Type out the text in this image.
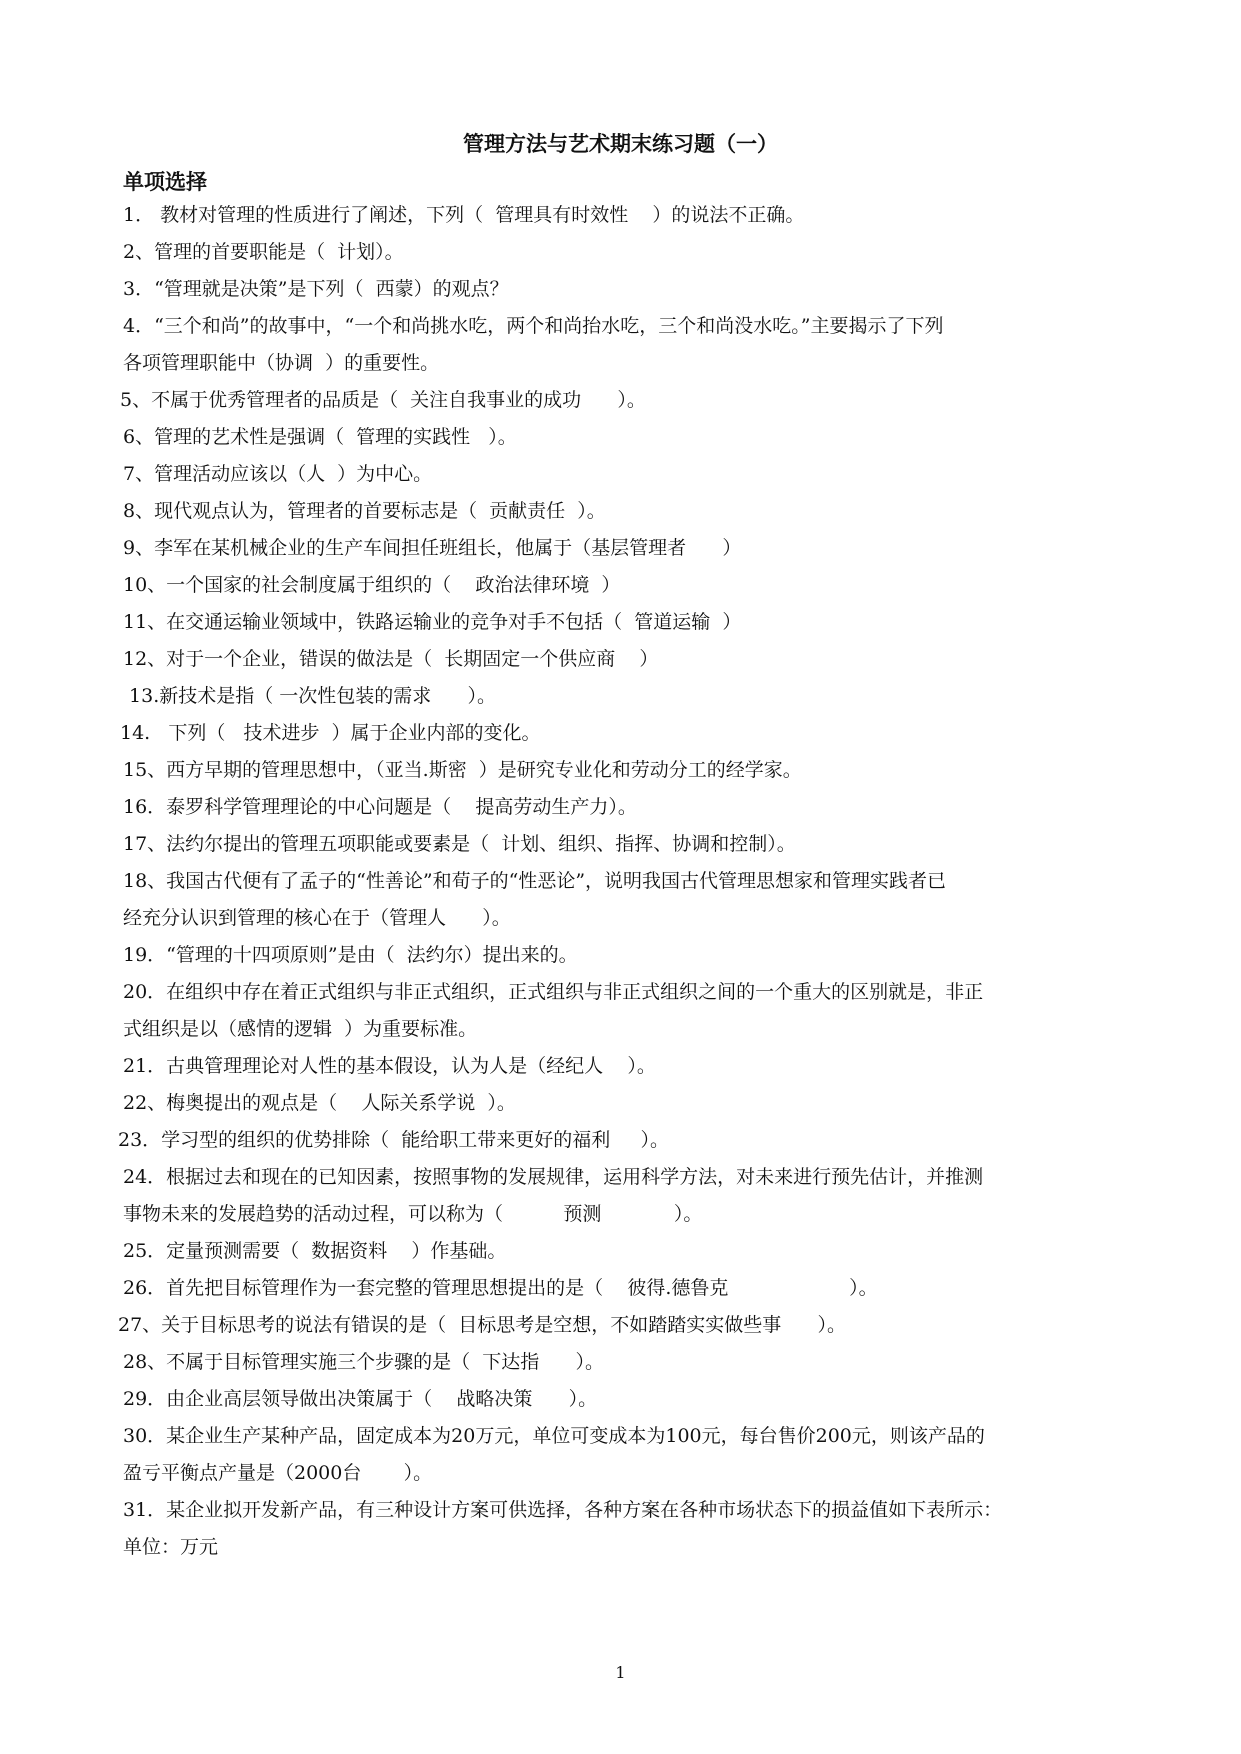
管理方法与艺术期末练习题（一）
单项选择
1． 教材对管理的性质进行了阐述，下列（  管理具有时效性    ）的说法不正确。
2、管理的首要职能是（  计划）。
3．“管理就是决策”是下列（  西蒙）的观点？
4．“三个和尚”的故事中，“一个和尚挑水吃，两个和尚抬水吃，三个和尚没水吃。”主要揭示了下列
各项管理职能中（协调  ）的重要性。
5、不属于优秀管理者的品质是（  关注自我事业的成功      ）。
6、管理的艺术性是强调（  管理的实践性   ）。
7、管理活动应该以（人  ）为中心。
8、现代观点认为，管理者的首要标志是（  贡献责任  ）。
9、李军在某机械企业的生产车间担任班组长，他属于（基层管理者      ）
10、一个国家的社会制度属于组织的（    政治法律环境  ）
11、在交通运输业领域中，铁路运输业的竞争对手不包括（  管道运输  ）
12、对于一个企业，错误的做法是（  长期固定一个供应商    ）
13.新技术是指（ 一次性包装的需求      ）。
14.   下列（   技术进步  ）属于企业内部的变化。
15、西方早期的管理思想中，（亚当.斯密  ）是研究专业化和劳动分工的经学家。
16．泰罗科学管理理论的中心问题是（    提高劳动生产力）。
17、法约尔提出的管理五项职能或要素是（  计划、组织、指挥、协调和控制）。
18、我国古代便有了孟子的“性善论”和荀子的“性恶论”，说明我国古代管理思想家和管理实践者已
经充分认识到管理的核心在于（管理人      ）。
19．“管理的十四项原则”是由（  法约尔）提出来的。
20．在组织中存在着正式组织与非正式组织，正式组织与非正式组织之间的一个重大的区别就是，非正
式组织是以（感情的逻辑  ）为重要标准。
21．古典管理理论对人性的基本假设，认为人是（经纪人    ）。
22、梅奥提出的观点是（    人际关系学说  ）。
23．学习型的组织的优势排除（  能给职工带来更好的福利     ）。
24．根据过去和现在的已知因素，按照事物的发展规律，运用科学方法，对未来进行预先估计，并推测
事物未来的发展趋势的活动过程，可以称为（          预测            ）。
25．定量预测需要（  数据资料    ）作基础。
26．首先把目标管理作为一套完整的管理思想提出的是（    彼得.德鲁克                    ）。
27、关于目标思考的说法有错误的是（  目标思考是空想，不如踏踏实实做些事      ）。
28、不属于目标管理实施三个步骤的是（  下达指      ）。
29．由企业高层领导做出决策属于（    战略决策      ）。
30．某企业生产某种产品，固定成本为20万元，单位可变成本为100元，每台售价200元，则该产品的
盈亏平衡点产量是（2000台       ）。
31．某企业拟开发新产品，有三种设计方案可供选择，各种方案在各种市场状态下的损益值如下表所示：
单位：万元
1
